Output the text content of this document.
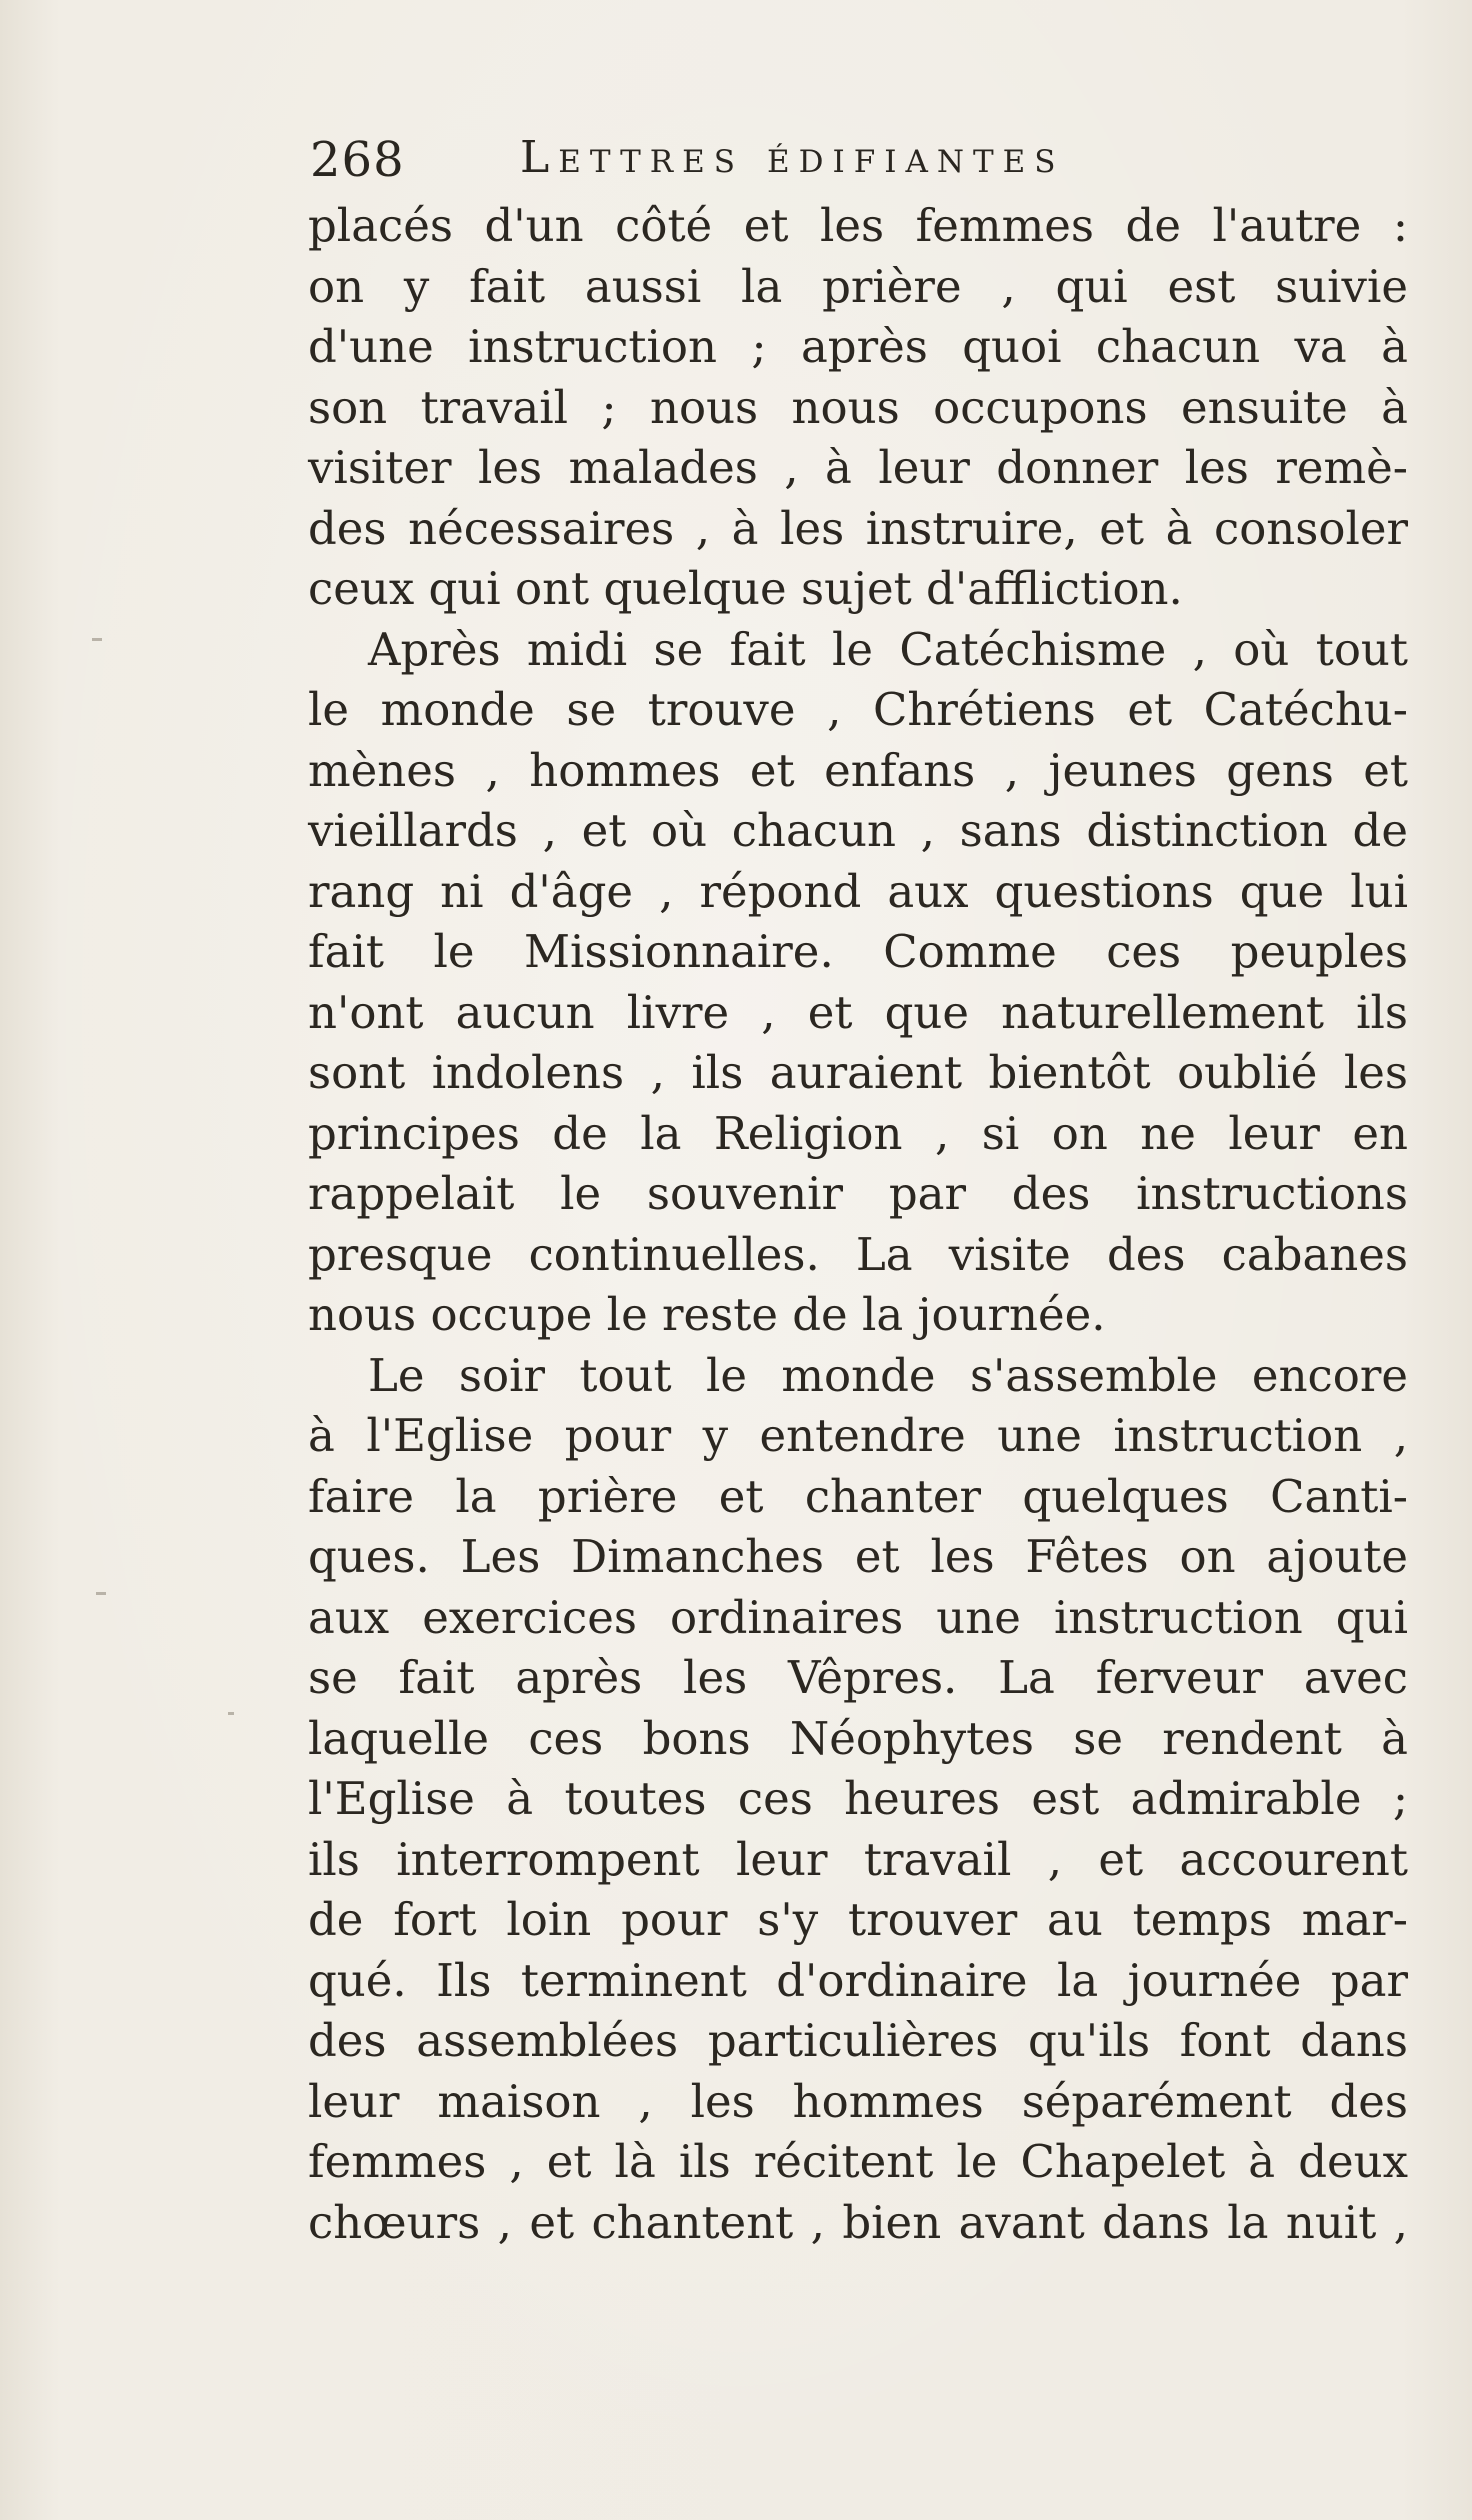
268	Lettres édifiantes
placés d'un côté et les femmes de l'autre :
on y fait aussi la prière , qui est suivie
d'une instruction ; après quoi chacun va à
son travail ; nous nous occupons ensuite à
visiter les malades , à leur donner les remè-
des nécessaires , à les instruire, et à consoler
ceux qui ont quelque sujet d'affliction.
Après midi se fait le Catéchisme , où tout
le monde se trouve , Chrétiens et Catéchu-
mènes , hommes et enfans , jeunes gens et
vieillards , et où chacun , sans distinction de
rang ni d'âge , répond aux questions que lui
fait le Missionnaire. Comme ces peuples
n'ont aucun livre , et que naturellement ils
sont indolens , ils auraient bientôt oublié les
principes de la Religion , si on ne leur en
rappelait le souvenir par des instructions
presque continuelles. La visite des cabanes
nous occupe le reste de la journée.
Le soir tout le monde s'assemble encore
à l'Eglise pour y entendre une instruction ,
faire la prière et chanter quelques Canti-
ques. Les Dimanches et les Fêtes on ajoute
aux exercices ordinaires une instruction qui
se fait après les Vêpres. La ferveur avec
laquelle ces bons Néophytes se rendent à
l'Eglise à toutes ces heures est admirable ;
ils interrompent leur travail , et accourent
de fort loin pour s'y trouver au temps mar-
qué. Ils terminent d'ordinaire la journée par
des assemblées particulières qu'ils font dans
leur maison , les hommes séparément des
femmes , et là ils récitent le Chapelet à deux
chœurs , et chantent , bien avant dans la nuit ,
